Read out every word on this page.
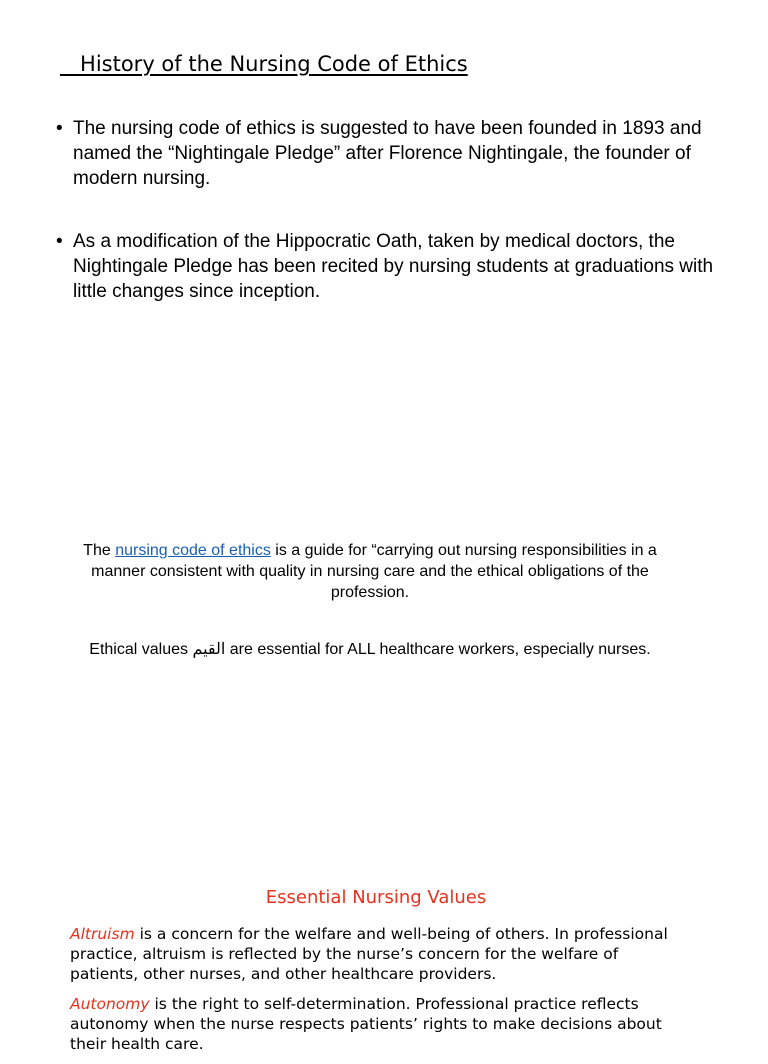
History of the Nursing Code of Ethics
• The nursing code of ethics is suggested to have been founded in 1893 and named the “Nightingale Pledge” after Florence Nightingale, the founder of modern nursing.
• As a modification of the Hippocratic Oath, taken by medical doctors, the Nightingale Pledge has been recited by nursing students at graduations with little changes since inception.

The nursing code of ethics is a guide for “carrying out nursing responsibilities in a manner consistent with quality in nursing care and the ethical obligations of the profession.

Ethical values القيم are essential for ALL healthcare workers, especially nurses.

Essential Nursing Values

Altruism is a concern for the welfare and well-being of others. In professional practice, altruism is reflected by the nurse’s concern for the welfare of patients, other nurses, and other healthcare providers.

Autonomy is the right to self-determination. Professional practice reflects autonomy when the nurse respects patients’ rights to make decisions about their health care.
